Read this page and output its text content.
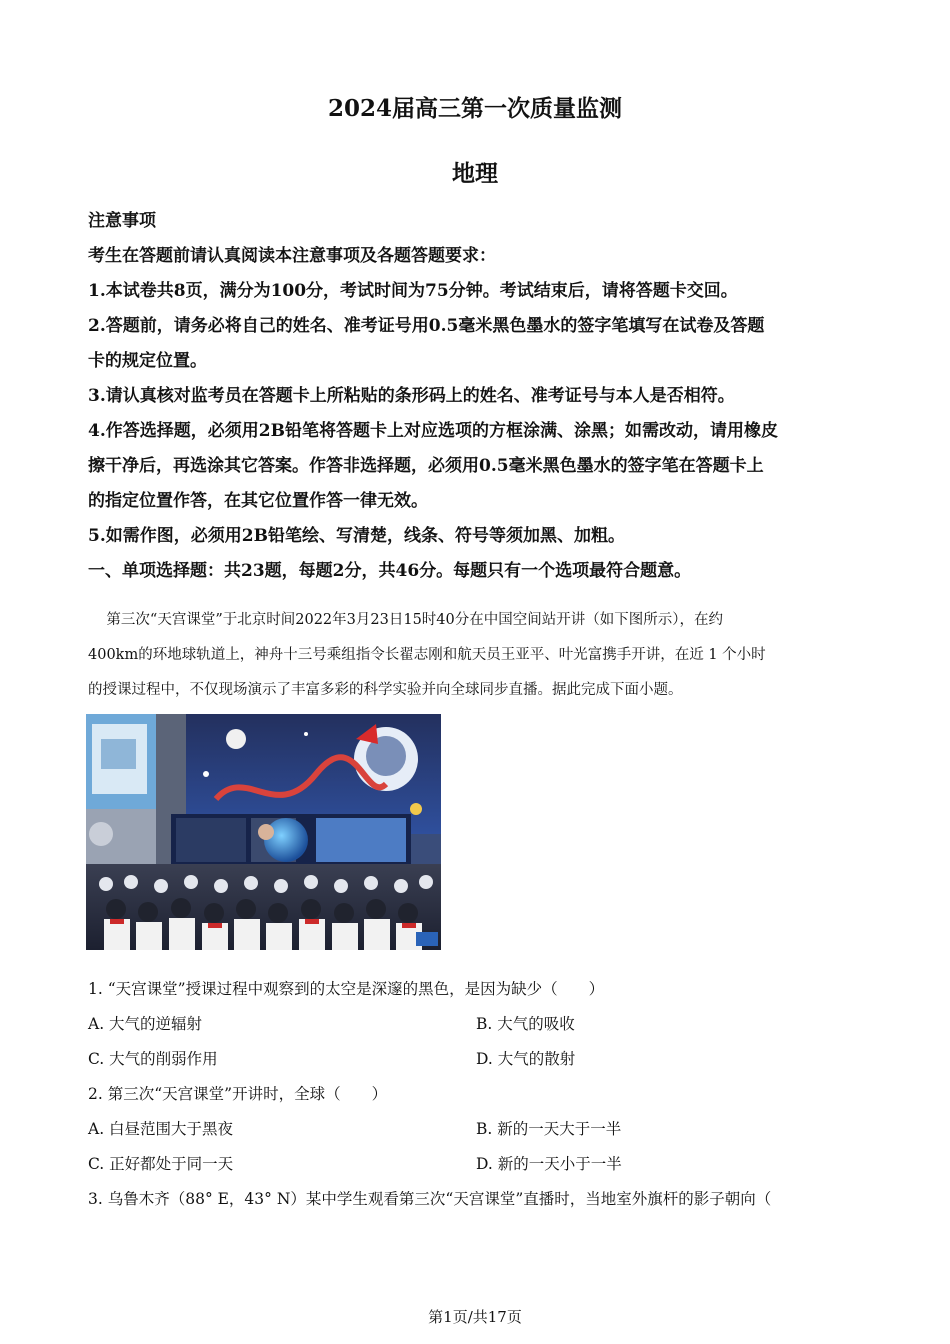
2024届高三第一次质量监测
地理
注意事项
考生在答题前请认真阅读本注意事项及各题答题要求：
1.本试卷共8页，满分为100分，考试时间为75分钟。考试结束后，请将答题卡交回。
2.答题前，请务必将自己的姓名、准考证号用0.5毫米黑色墨水的签字笔填写在试卷及答题
卡的规定位置。
3.请认真核对监考员在答题卡上所粘贴的条形码上的姓名、准考证号与本人是否相符。
4.作答选择题，必须用2B铅笔将答题卡上对应选项的方框涂满、涂黑；如需改动，请用橡皮
擦干净后，再选涂其它答案。作答非选择题，必须用0.5毫米黑色墨水的签字笔在答题卡上
的指定位置作答，在其它位置作答一律无效。
5.如需作图，必须用2B铅笔绘、写清楚，线条、符号等须加黑、加粗。
一、单项选择题：共23题，每题2分，共46分。每题只有一个选项最符合题意。
第三次“天宫课堂”于北京时间2022年3月23日15时40分在中国空间站开讲（如下图所示），在约
400km的环地球轨道上，神舟十三号乘组指令长翟志刚和航天员王亚平、叶光富携手开讲，在近 1 个小时
的授课过程中，不仅现场演示了丰富多彩的科学实验并向全球同步直播。据此完成下面小题。
1. “天宫课堂”授课过程中观察到的太空是深邃的黑色，是因为缺少（　　）
A. 大气的逆辐射	B. 大气的吸收
C. 大气的削弱作用	D. 大气的散射
2. 第三次“天宫课堂”开讲时，全球（　　）
A. 白昼范围大于黑夜	B. 新的一天大于一半
C. 正好都处于同一天	D. 新的一天小于一半
3. 乌鲁木齐（88° E，43° N）某中学生观看第三次“天宫课堂”直播时，当地室外旗杆的影子朝向（
第1页/共17页
